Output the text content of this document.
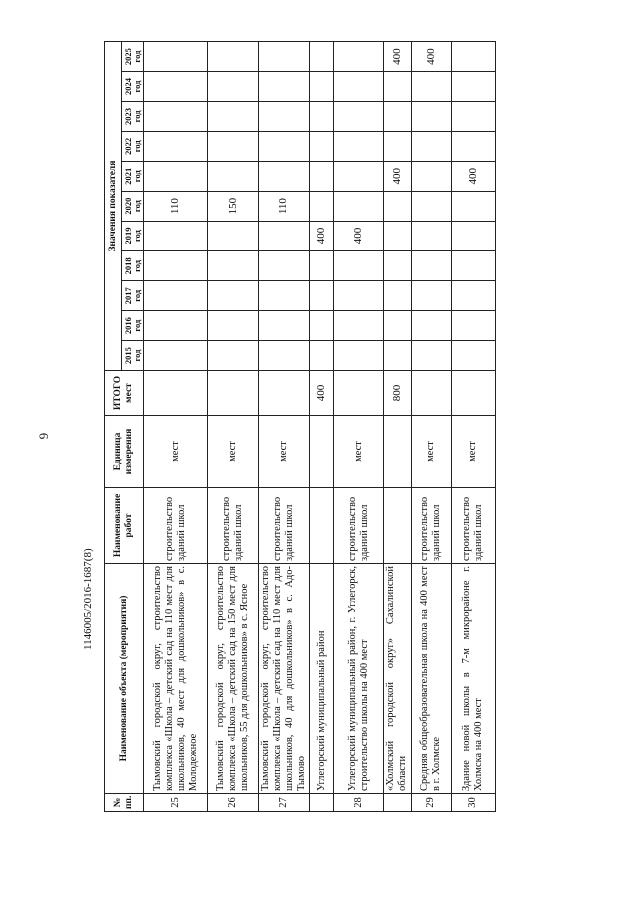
6
1146005/2016-1687(8)
№ пп.	Наименование объекта (мероприятия)	Наименование работ	Единица измерения	ИТОГО мест	Значения показателя										
					2015 год	2016 год	2017 год	2018 год	2019 год	2020 год	2021 год	2022 год	2023 год	2024 год	2025 год
25	Тымовский городской округ, строительство комплекса «Школа – детский сад на 110 мест для школьников, 40 мест для дошкольников» в с. Молодежное	строительство зданий школ	мест							110					
26	Тымовский городской округ, строительство комплекса «Школа – детский сад на 150 мест для школьников, 55 для дошкольников» в с. Ясное	строительство зданий школ	мест							150					
27	Тымовский городской округ, строительство комплекса «Школа – детский сад на 110 мест для школьников, 40 для дошкольников» в с. Адо-Тымово	строительство зданий школ	мест							110					
	Углегорский муниципальный район			400					400						
28	Углегорский муниципальный район, г. Углегорск, строительство школы на 400 мест	строительство зданий школ	мест						400						
	«Холмский городской округ» Сахалинской области			800							400				400
29	Средняя общеобразовательная школа на 400 мест в г. Холмске	строительство зданий школ	мест												400
30	Здание новой школы в 7-м микрорайоне г. Холмска на 400 мест	строительство зданий школ	мест								400				
